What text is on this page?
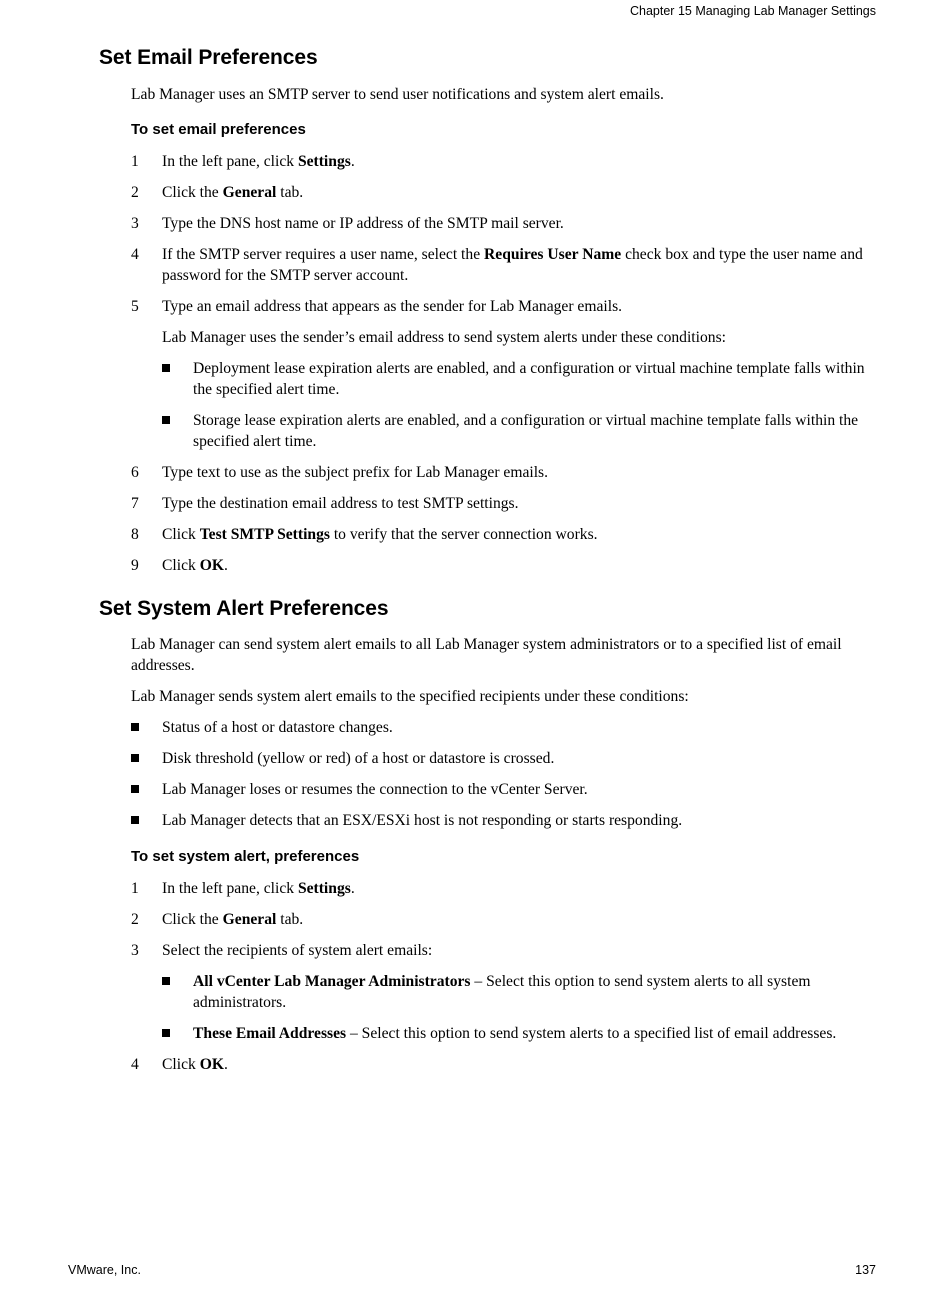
Chapter 15 Managing Lab Manager Settings
Set Email Preferences
Lab Manager uses an SMTP server to send user notifications and system alert emails.
To set email preferences
1 In the left pane, click Settings.
2 Click the General tab.
3 Type the DNS host name or IP address of the SMTP mail server.
4 If the SMTP server requires a user name, select the Requires User Name check box and type the user name and password for the SMTP server account.
5 Type an email address that appears as the sender for Lab Manager emails.
Lab Manager uses the sender’s email address to send system alerts under these conditions:
Deployment lease expiration alerts are enabled, and a configuration or virtual machine template falls within the specified alert time.
Storage lease expiration alerts are enabled, and a configuration or virtual machine template falls within the specified alert time.
6 Type text to use as the subject prefix for Lab Manager emails.
7 Type the destination email address to test SMTP settings.
8 Click Test SMTP Settings to verify that the server connection works.
9 Click OK.
Set System Alert Preferences
Lab Manager can send system alert emails to all Lab Manager system administrators or to a specified list of email addresses.
Lab Manager sends system alert emails to the specified recipients under these conditions:
Status of a host or datastore changes.
Disk threshold (yellow or red) of a host or datastore is crossed.
Lab Manager loses or resumes the connection to the vCenter Server.
Lab Manager detects that an ESX/ESXi host is not responding or starts responding.
To set system alert, preferences
1 In the left pane, click Settings.
2 Click the General tab.
3 Select the recipients of system alert emails:
All vCenter Lab Manager Administrators – Select this option to send system alerts to all system administrators.
These Email Addresses – Select this option to send system alerts to a specified list of email addresses.
4 Click OK.
VMware, Inc.	137
